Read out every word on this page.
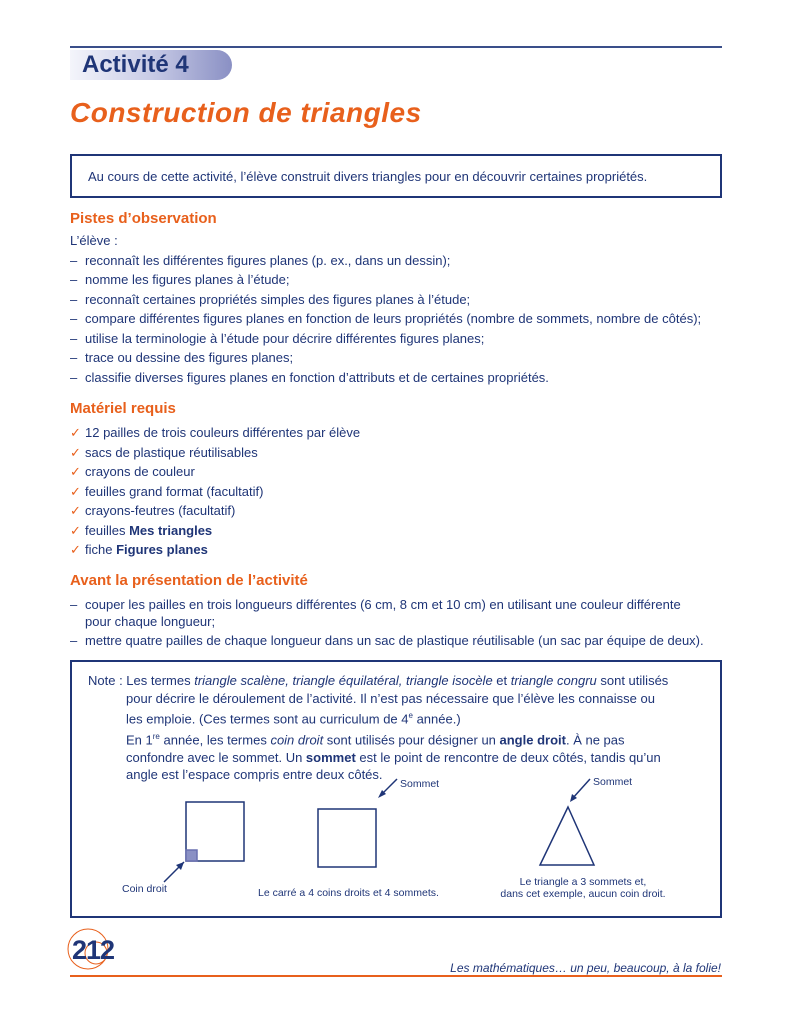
Activité 4
Construction de triangles
Au cours de cette activité, l’élève construit divers triangles pour en découvrir certaines propriétés.
Pistes d’observation
L’élève :
– reconnaît les différentes figures planes (p. ex., dans un dessin);
– nomme les figures planes à l’étude;
– reconnaît certaines propriétés simples des figures planes à l’étude;
– compare différentes figures planes en fonction de leurs propriétés (nombre de sommets, nombre de côtés);
– utilise la terminologie à l’étude pour décrire différentes figures planes;
– trace ou dessine des figures planes;
– classifie diverses figures planes en fonction d’attributs et de certaines propriétés.
Matériel requis
✓ 12 pailles de trois couleurs différentes par élève
✓ sacs de plastique réutilisables
✓ crayons de couleur
✓ feuilles grand format (facultatif)
✓ crayons-feutres (facultatif)
✓ feuilles Mes triangles
✓ fiche Figures planes
Avant la présentation de l’activité
– couper les pailles en trois longueurs différentes (6 cm, 8 cm et 10 cm) en utilisant une couleur différente
pour chaque longueur;
– mettre quatre pailles de chaque longueur dans un sac de plastique réutilisable (un sac par équipe de deux).
Note : Les termes triangle scalène, triangle équilatéral, triangle isocèle et triangle congru sont utilisés
pour décrire le déroulement de l’activité. Il n’est pas nécessaire que l’élève les connaisse ou
les emploie. (Ces termes sont au curriculum de 4e année.)
En 1re année, les termes coin droit sont utilisés pour désigner un angle droit. À ne pas
confondre avec le sommet. Un sommet est le point de rencontre de deux côtés, tandis qu’un
angle est l’espace compris entre deux côtés.
Coin droit
Sommet	Sommet
Le carré a 4 coins droits et 4 sommets.
Le triangle a 3 sommets et,
dans cet exemple, aucun coin droit.
212
Les mathématiques… un peu, beaucoup, à la folie!
